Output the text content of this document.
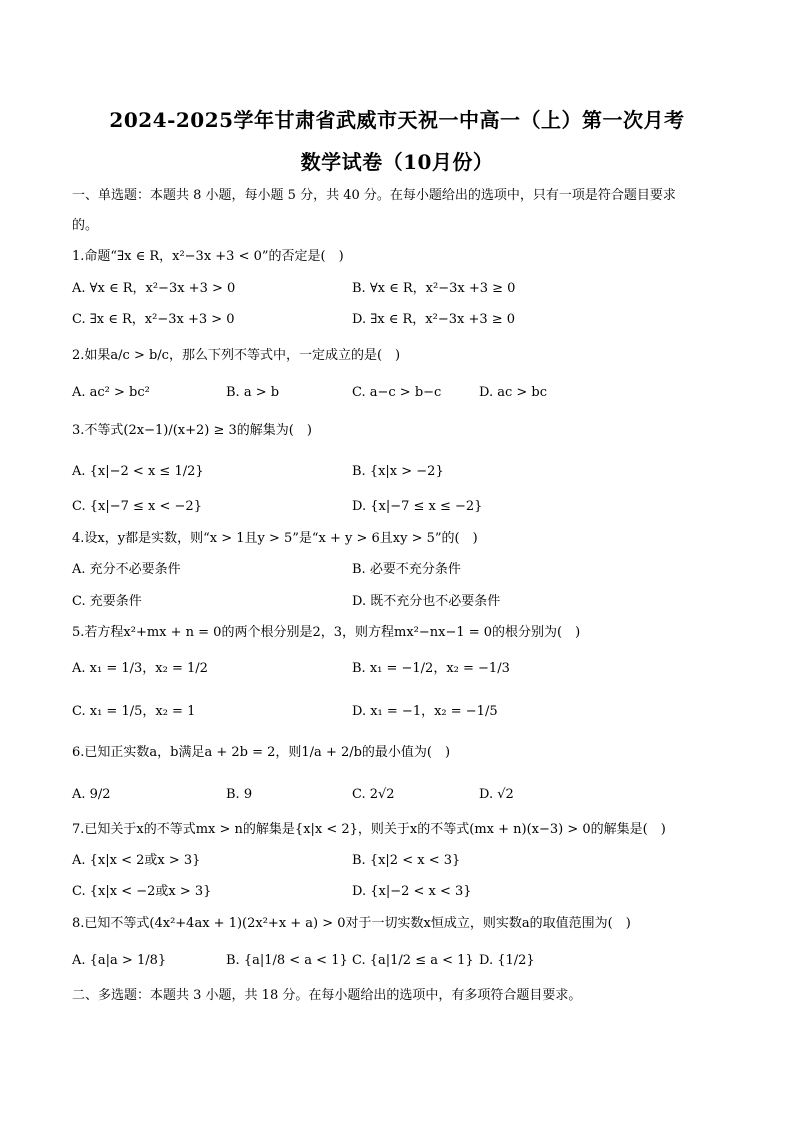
2024-2025学年甘肃省武威市天祝一中高一（上）第一次月考
数学试卷（10月份）
一、单选题：本题共 8 小题，每小题 5 分，共 40 分。在每小题给出的选项中，只有一项是符合题目要求
的。
1.命题“∃x ∈ R，x²−3x +3 < 0”的否定是(　)
A. ∀x ∈ R，x²−3x +3 > 0	B. ∀x ∈ R，x²−3x +3 ≥ 0
C. ∃x ∈ R，x²−3x +3 > 0	D. ∃x ∈ R，x²−3x +3 ≥ 0
2.如果a/c > b/c，那么下列不等式中，一定成立的是(　)
A. ac² > bc²	B. a > b	C. a−c > b−c	D. ac > bc
3.不等式(2x−1)/(x+2) ≥ 3的解集为(　)
A. {x|−2 < x ≤ 1/2}	B. {x|x > −2}
C. {x|−7 ≤ x < −2}	D. {x|−7 ≤ x ≤ −2}
4.设x，y都是实数，则“x > 1且y > 5”是“x + y > 6且xy > 5”的(　)
A. 充分不必要条件	B. 必要不充分条件
C. 充要条件	D. 既不充分也不必要条件
5.若方程x²+mx + n = 0的两个根分别是2，3，则方程mx²−nx−1 = 0的根分别为(　)
A. x₁ = 1/3，x₂ = 1/2	B. x₁ = −1/2，x₂ = −1/3
C. x₁ = 1/5，x₂ = 1	D. x₁ = −1，x₂ = −1/5
6.已知正实数a，b满足a + 2b = 2，则1/a + 2/b的最小值为(　)
A. 9/2	B. 9	C. 2√2	D. √2
7.已知关于x的不等式mx > n的解集是{x|x < 2}，则关于x的不等式(mx + n)(x−3) > 0的解集是(　)
A. {x|x < 2或x > 3}	B. {x|2 < x < 3}
C. {x|x < −2或x > 3}	D. {x|−2 < x < 3}
8.已知不等式(4x²+4ax + 1)(2x²+x + a) > 0对于一切实数x恒成立，则实数a的取值范围为(　)
A. {a|a > 1/8}	B. {a|1/8 < a < 1} C. {a|1/2 ≤ a < 1} D. {1/2}
二、多选题：本题共 3 小题，共 18 分。在每小题给出的选项中，有多项符合题目要求。
